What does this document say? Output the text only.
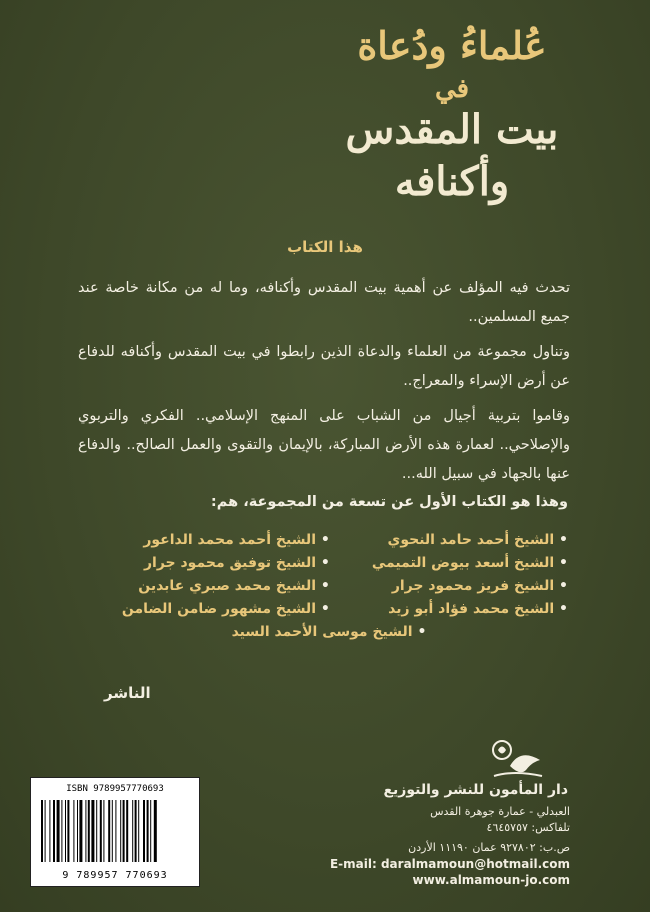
عُلماءُ ودُعاة
في
بيت المقدس وأكنافه
هذا الكتاب

تحدث فيه المؤلف عن أهمية بيت المقدس وأكنافه، وما له من مكانة خاصة عند جميع المسلمين..

وتناول مجموعة من العلماء والدعاة الذين رابطوا في بيت المقدس وأكنافه للدفاع عن أرض الإسراء والمعراج..

وقاموا بتربية أجيال من الشباب على المنهج الإسلامي.. الفكري والتربوي والإصلاحي.. لعمارة هذه الأرض المباركة، بالإيمان والتقوى والعمل الصالح.. والدفاع عنها بالجهاد في سبيل الله...

وهذا هو الكتاب الأول عن تسعة من المجموعة، هم:
• الشيخ أحمد حامد النحوي
• الشيخ أحمد محمد الداعور
• الشيخ أسعد بيوض التميمي
• الشيخ توفيق محمود جرار
• الشيخ فريز محمود جرار
• الشيخ محمد صبري عابدين
• الشيخ محمد فؤاد أبو زيد
• الشيخ مشهور ضامن الضامن
• الشيخ موسى الأحمد السيد
الناشر
دار المأمون للنشر والتوزيع
العبدلي - عمارة جوهرة القدس
تلفاكس: ٤٦٤٥٧٥٧
ص.ب: ٩٢٧٨٠٢ عمان ١١١٩٠ الأردن
E-mail: daralmamoun@hotmail.com
www.almamoun-jo.com
ISBN 9789957770693
9 789957 770693
